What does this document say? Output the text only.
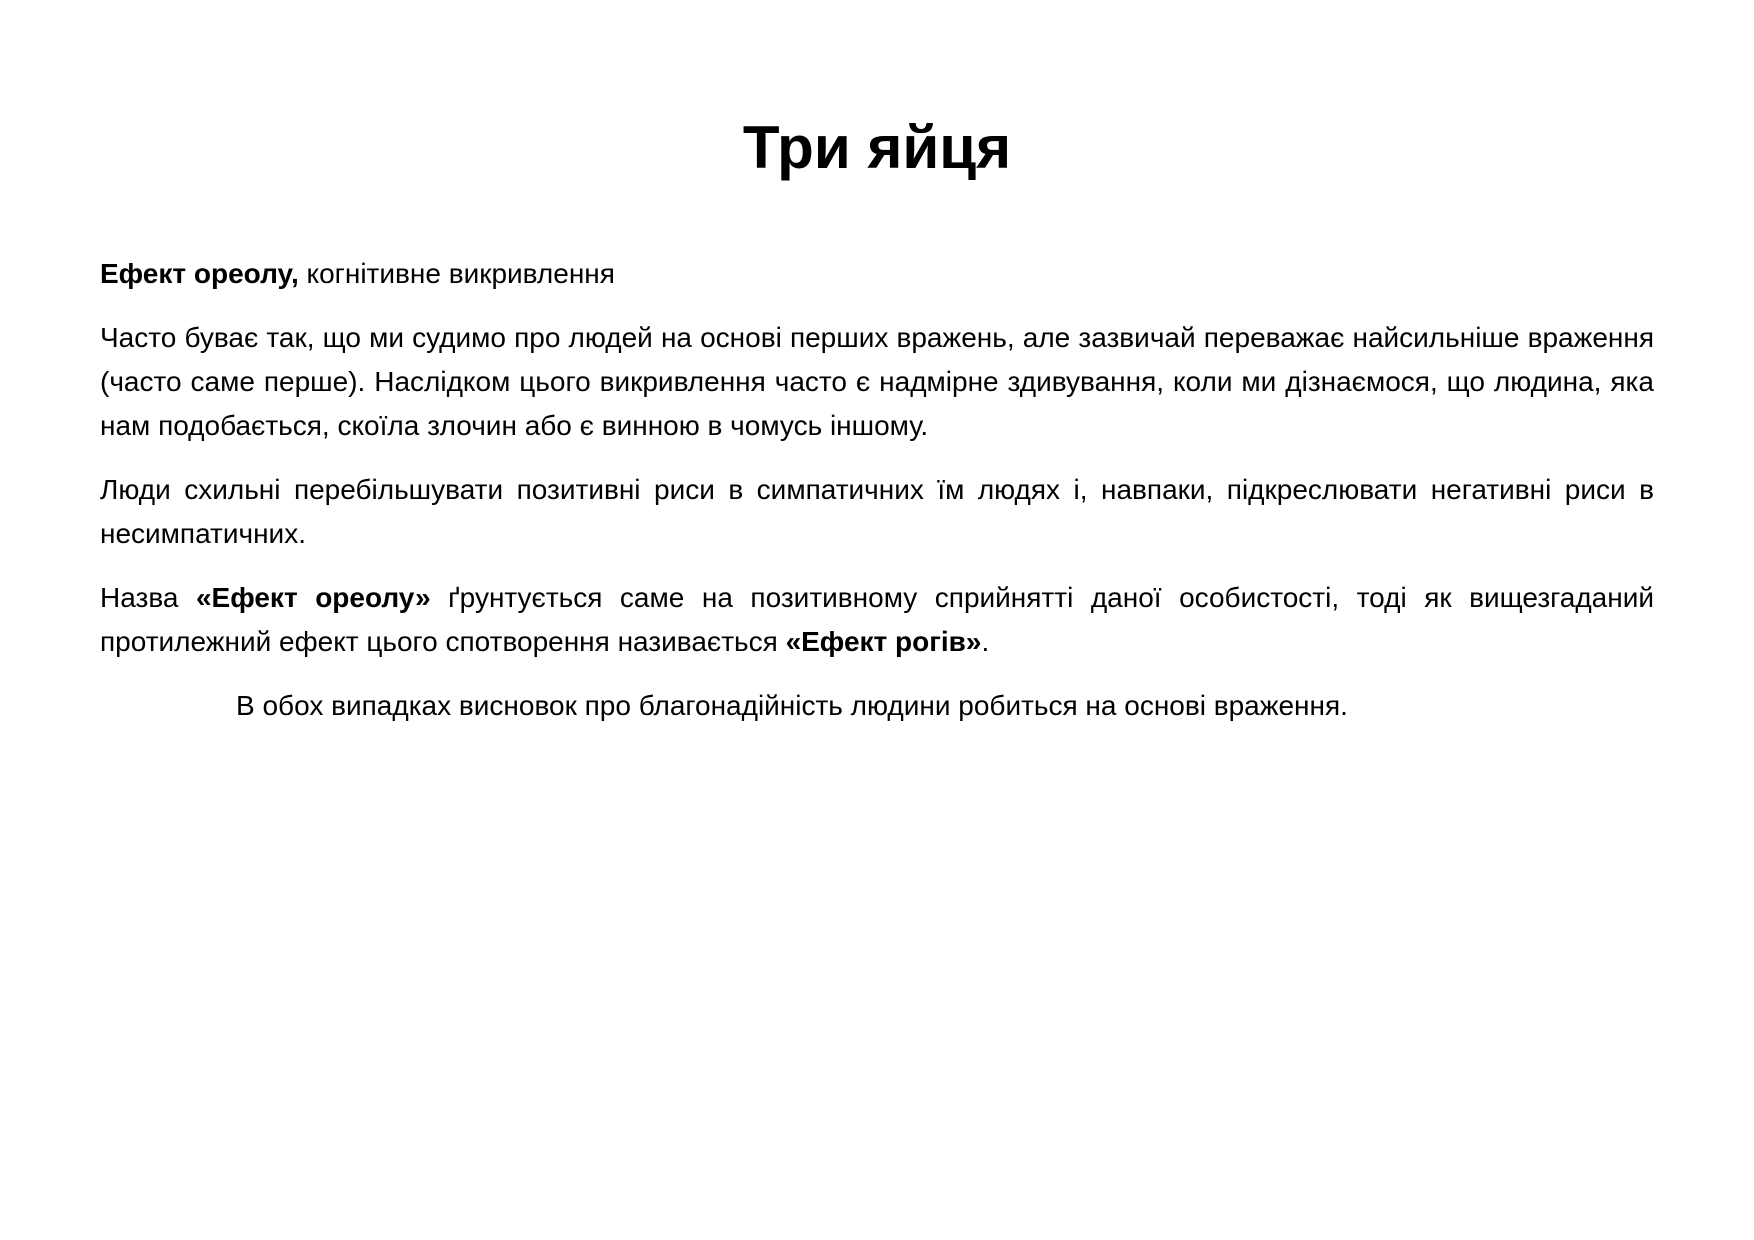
Три яйця

Ефект ореолу, когнітивне викривлення

Часто буває так, що ми судимо про людей на основі перших вражень, але зазвичай переважає найсильніше враження (часто саме перше). Наслідком цього викривлення часто є надмірне здивування, коли ми дізнаємося, що людина, яка нам подобається, скоїла злочин або є винною в чомусь іншому.

Люди схильні перебільшувати позитивні риси в симпатичних їм людях і, навпаки, підкреслювати негативні риси в несимпатичних.

Назва «Ефект ореолу» ґрунтується саме на позитивному сприйнятті даної особистості, тоді як вищезгаданий протилежний ефект цього спотворення називається «Ефект рогів».

В обох випадках висновок про благонадійність людини робиться на основі враження.
